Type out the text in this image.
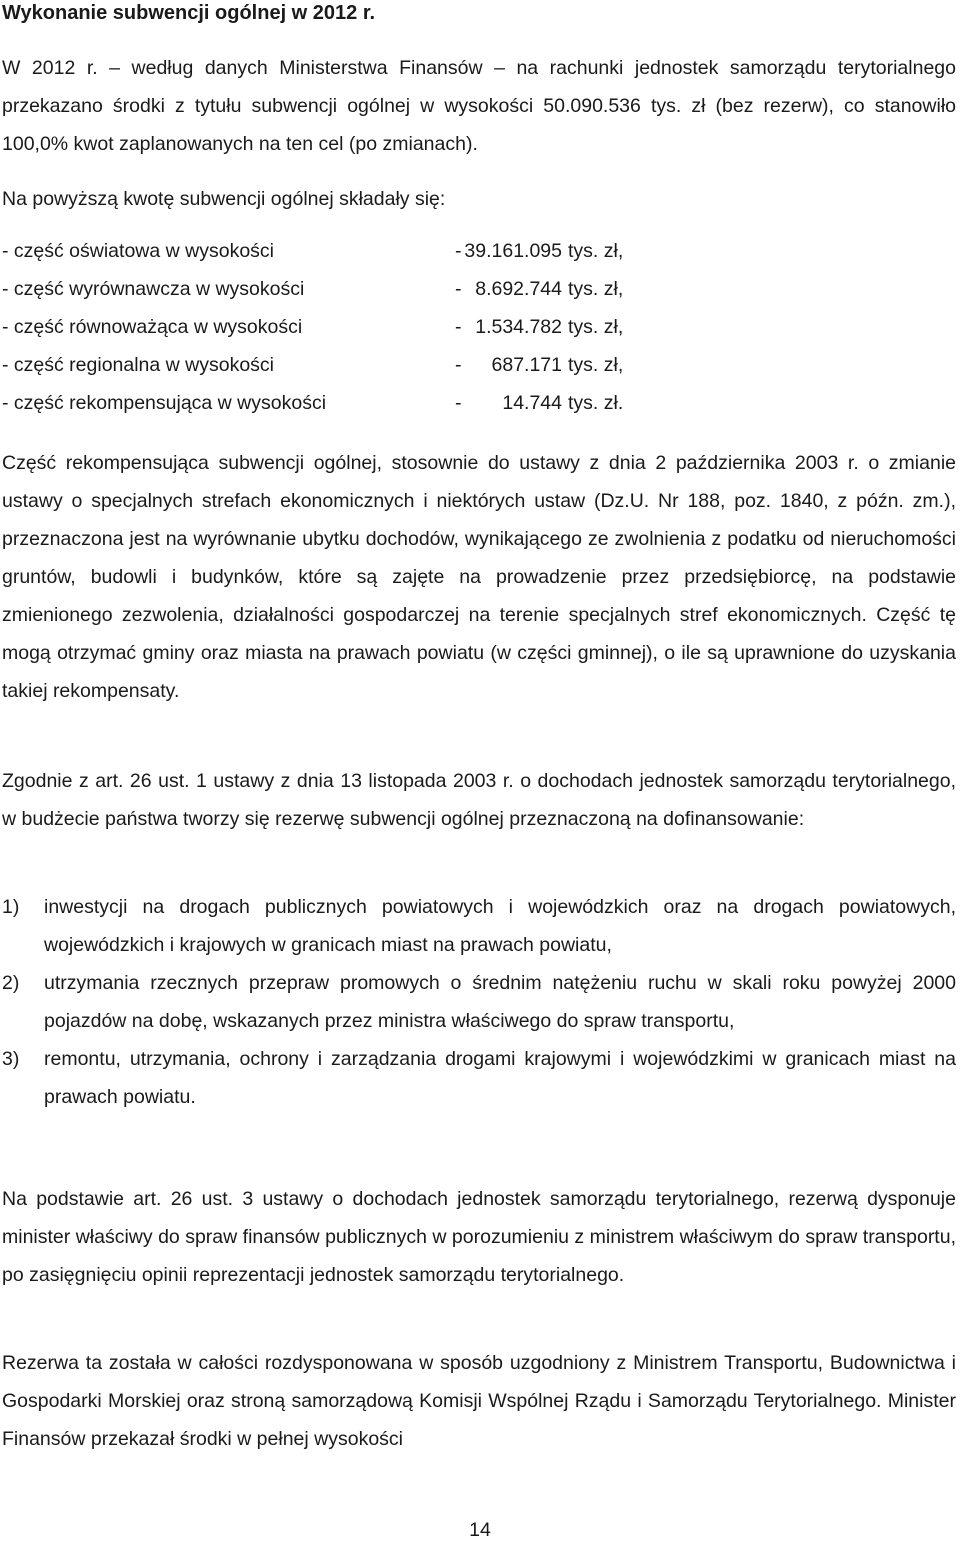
Wykonanie subwencji ogólnej w 2012 r.

W 2012 r. – według danych Ministerstwa Finansów – na rachunki jednostek samorządu terytorialnego przekazano środki z tytułu subwencji ogólnej w wysokości 50.090.536 tys. zł (bez rezerw), co stanowiło 100,0% kwot zaplanowanych na ten cel (po zmianach).

Na powyższą kwotę subwencji ogólnej składały się:

- część oświatowa w wysokości	- 39.161.095 tys. zł,
- część wyrównawcza w wysokości	- 8.692.744 tys. zł,
- część równoważąca w wysokości	- 1.534.782 tys. zł,
- część regionalna w wysokości	- 687.171 tys. zł,
- część rekompensująca w wysokości	- 14.744 tys. zł.

Część rekompensująca subwencji ogólnej, stosownie do ustawy z dnia 2 października 2003 r. o zmianie ustawy o specjalnych strefach ekonomicznych i niektórych ustaw (Dz.U. Nr 188, poz. 1840, z późn. zm.), przeznaczona jest na wyrównanie ubytku dochodów, wynikającego ze zwolnienia z podatku od nieruchomości gruntów, budowli i budynków, które są zajęte na prowadzenie przez przedsiębiorcę, na podstawie zmienionego zezwolenia, działalności gospodarczej na terenie specjalnych stref ekonomicznych. Część tę mogą otrzymać gminy oraz miasta na prawach powiatu (w części gminnej), o ile są uprawnione do uzyskania takiej rekompensaty.

Zgodnie z art. 26 ust. 1 ustawy z dnia 13 listopada 2003 r. o dochodach jednostek samorządu terytorialnego, w budżecie państwa tworzy się rezerwę subwencji ogólnej przeznaczoną na dofinansowanie:

1) inwestycji na drogach publicznych powiatowych i wojewódzkich oraz na drogach powiatowych, wojewódzkich i krajowych w granicach miast na prawach powiatu,
2) utrzymania rzecznych przepraw promowych o średnim natężeniu ruchu w skali roku powyżej 2000 pojazdów na dobę, wskazanych przez ministra właściwego do spraw transportu,
3) remontu, utrzymania, ochrony i zarządzania drogami krajowymi i wojewódzkimi w granicach miast na prawach powiatu.

Na podstawie art. 26 ust. 3 ustawy o dochodach jednostek samorządu terytorialnego, rezerwą dysponuje minister właściwy do spraw finansów publicznych w porozumieniu z ministrem właściwym do spraw transportu, po zasięgnięciu opinii reprezentacji jednostek samorządu terytorialnego.

Rezerwa ta została w całości rozdysponowana w sposób uzgodniony z Ministrem Transportu, Budownictwa i Gospodarki Morskiej oraz stroną samorządową Komisji Wspólnej Rządu i Samorządu Terytorialnego. Minister Finansów przekazał środki w pełnej wysokości

14
